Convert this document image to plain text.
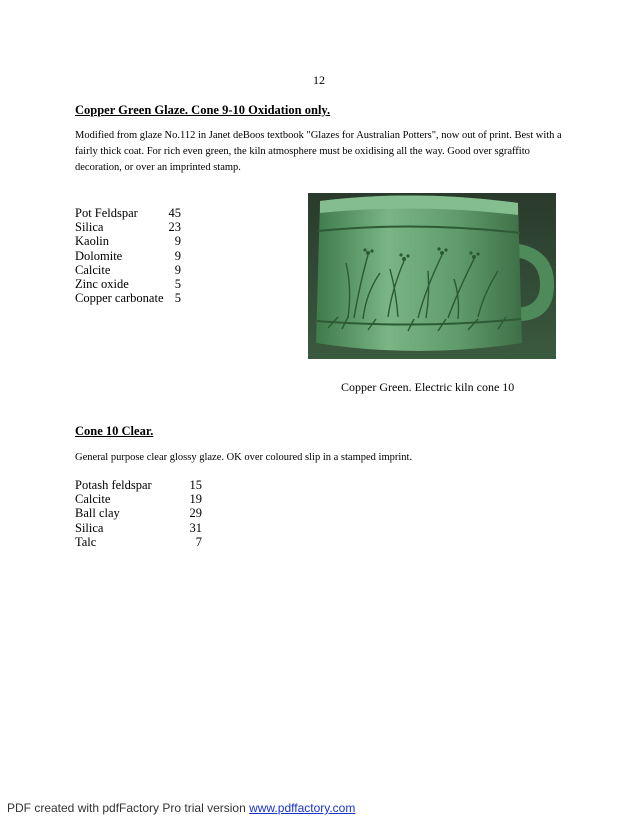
12
Copper Green Glaze. Cone 9-10 Oxidation only.
Modified from glaze No.112 in Janet deBoos textbook "Glazes for Australian Potters", now out of print. Best with a
fairly thick coat. For rich even green, the kiln atmosphere must be oxidising all the way. Good over sgraffito
decoration, or over an imprinted stamp.
Pot Feldspar 45
Silica	23
Kaolin	9
Dolomite	9
Calcite	9
Zinc oxide	5
Copper carbonate 5
Copper Green. Electric kiln cone 10
Cone 10 Clear.
General purpose clear glossy glaze. OK over coloured slip in a stamped imprint.
Potash feldspar	15
Calcite	19
Ball clay	29
Silica	31
Talc	7
PDF created with pdfFactory Pro trial version www.pdffactory.com
